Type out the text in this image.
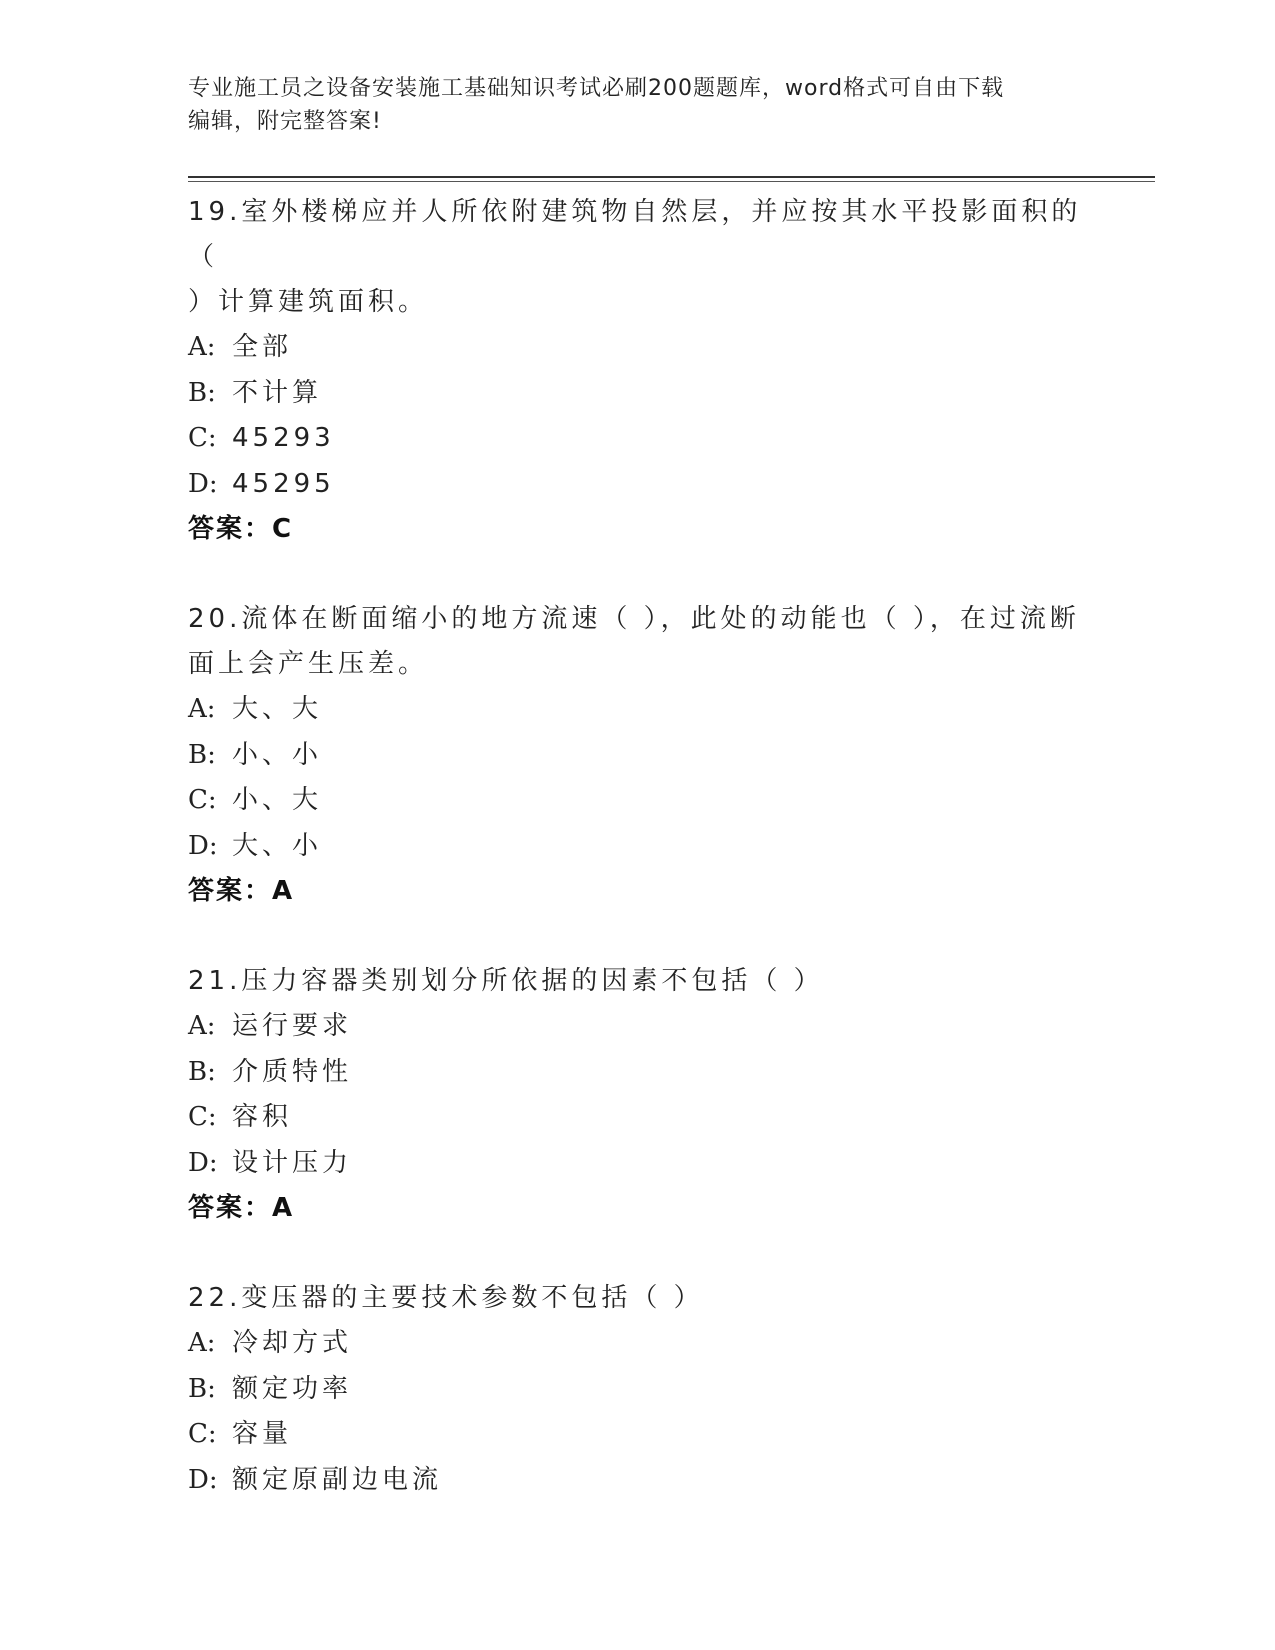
专业施工员之设备安装施工基础知识考试必刷200题题库，word格式可自由下载
编辑，附完整答案!

19.室外楼梯应并人所依附建筑物自然层，并应按其水平投影面积的（
）计算建筑面积。

A: 全部
B: 不计算
C: 45293
D: 45295
答案：C

20.流体在断面缩小的地方流速（ ），此处的动能也（ ），在过流断
面上会产生压差。

A: 大、大
B: 小、小
C: 小、大
D: 大、小
答案：A

21.压力容器类别划分所依据的因素不包括（ ）

A: 运行要求
B: 介质特性
C: 容积
D: 设计压力
答案：A

22.变压器的主要技术参数不包括（ ）

A: 冷却方式
B: 额定功率
C: 容量
D: 额定原副边电流
